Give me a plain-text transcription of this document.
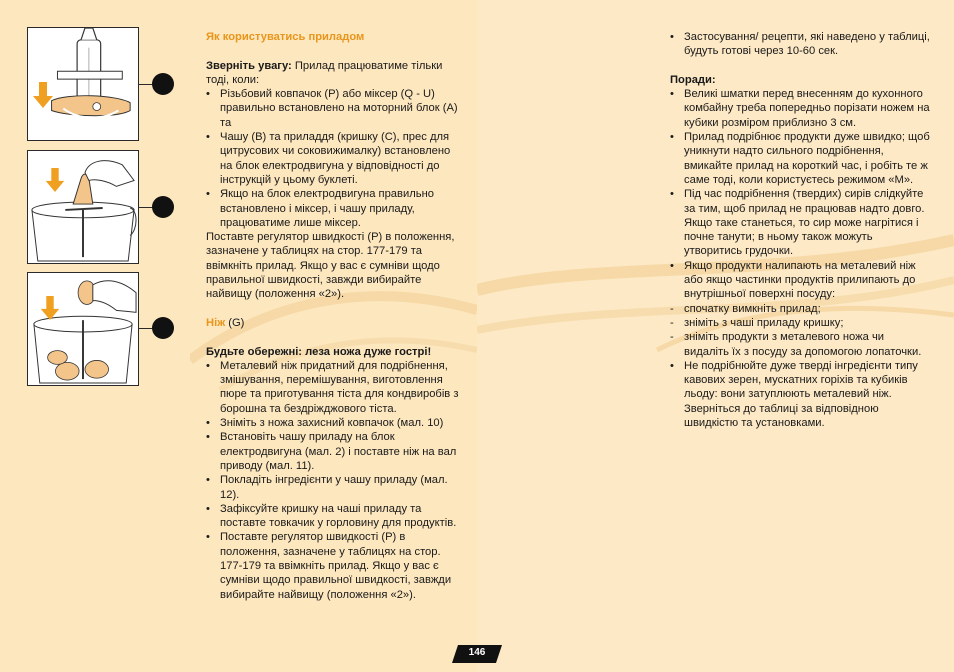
Як користуватись приладом

Зверніть увагу: Прилад працюватиме тільки тоді, коли:

• Різьбовий ковпачок (P) або міксер (Q - U) правильно встановлено на моторний блок (A) та
• Чашу (B) та приладдя (кришку (C), прес для цитрусових чи соковижималку) встановлено на блок електродвигуна у відповідності до інструкцій у цьому буклеті.
• Якщо на блок електродвигуна правильно встановлено і міксер, і чашу приладу, працюватиме лише міксер.

Поставте регулятор швидкості (P) в положення, зазначене у таблицях на стор. 177-179 та ввімкніть прилад. Якщо у вас є сумніви щодо правильної швидкості, завжди вибирайте найвищу (положення «2»).

Ніж (G)

Будьте обережні: леза ножа дуже гострі!

• Металевий ніж придатний для подрібнення, змішування, перемішування, виготовлення пюре та приготування тіста для кондвиробів з борошна та бездріжджового тіста.
• Зніміть з ножа захисний ковпачок (мал. 10)
• Встановіть чашу приладу на блок електродвигуна (мал. 2) і поставте ніж на вал приводу (мал. 11).
• Покладіть інгредієнти у чашу приладу (мал. 12).
• Зафіксуйте кришку на чаші приладу та поставте товкачик у горловину для продуктів.
• Поставте регулятор швидкості (P) в положення, зазначене у таблицях на стор. 177-179 та ввімкніть прилад. Якщо у вас є сумніви щодо правильної швидкості, завжди вибирайте найвищу (положення «2»).
• Застосування/ рецепти, які наведено у таблиці, будуть готові через 10-60 сек.

Поради:

• Великі шматки перед внесенням до кухонного комбайну треба попередньо порізати ножем на кубики розміром приблизно 3 см.
• Прилад подрібнює продукти дуже швидко; щоб уникнути надто сильного подрібнення, вмикайте прилад на короткий час, і робіть те ж саме тоді, коли користуєтесь режимом «M».
• Під час подрібнення (твердих) сирів слідкуйте за тим, щоб прилад не працював надто довго. Якщо таке станеться, то сир може нагрітися і почне танути; в ньому також можуть утворитись грудочки.
• Якщо продукти налипають на металевий ніж або якщо частинки продуктів прилипають до внутрішньої поверхні посуду:
- спочатку вимкніть прилад;
- зніміть з чаші приладу кришку;
- зніміть продукти з металевого ножа чи видаліть їх з посуду за допомогою лопаточки.
• Не подрібнюйте дуже тверді інгредієнти типу кавових зерен, мускатних горіхів та кубиків льоду: вони затуплюють металевий ніж. Зверніться до таблиці за відповідною швидкістю та установками.
146
